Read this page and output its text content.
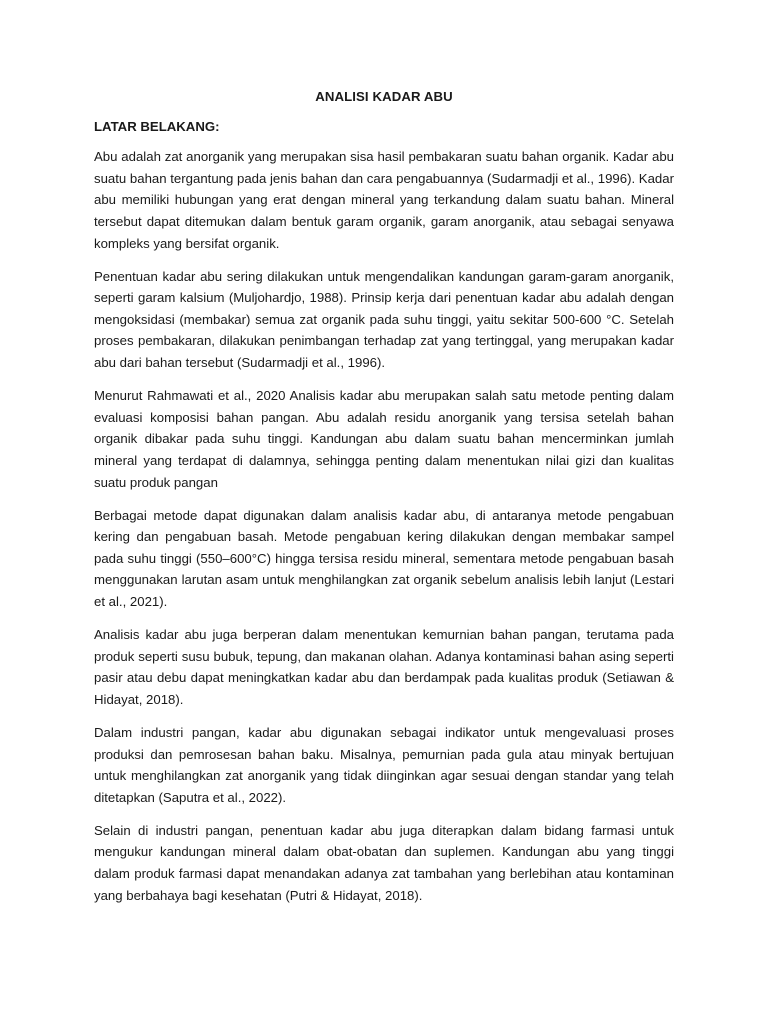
ANALISI KADAR ABU
LATAR BELAKANG:

Abu adalah zat anorganik yang merupakan sisa hasil pembakaran suatu bahan organik. Kadar abu suatu bahan tergantung pada jenis bahan dan cara pengabuannya (Sudarmadji et al., 1996). Kadar abu memiliki hubungan yang erat dengan mineral yang terkandung dalam suatu bahan. Mineral tersebut dapat ditemukan dalam bentuk garam organik, garam anorganik, atau sebagai senyawa kompleks yang bersifat organik.

Penentuan kadar abu sering dilakukan untuk mengendalikan kandungan garam-garam anorganik, seperti garam kalsium (Muljohardjo, 1988). Prinsip kerja dari penentuan kadar abu adalah dengan mengoksidasi (membakar) semua zat organik pada suhu tinggi, yaitu sekitar 500-600 °C. Setelah proses pembakaran, dilakukan penimbangan terhadap zat yang tertinggal, yang merupakan kadar abu dari bahan tersebut (Sudarmadji et al., 1996).

Menurut Rahmawati et al., 2020 Analisis kadar abu merupakan salah satu metode penting dalam evaluasi komposisi bahan pangan. Abu adalah residu anorganik yang tersisa setelah bahan organik dibakar pada suhu tinggi. Kandungan abu dalam suatu bahan mencerminkan jumlah mineral yang terdapat di dalamnya, sehingga penting dalam menentukan nilai gizi dan kualitas suatu produk pangan

Berbagai metode dapat digunakan dalam analisis kadar abu, di antaranya metode pengabuan kering dan pengabuan basah. Metode pengabuan kering dilakukan dengan membakar sampel pada suhu tinggi (550–600°C) hingga tersisa residu mineral, sementara metode pengabuan basah menggunakan larutan asam untuk menghilangkan zat organik sebelum analisis lebih lanjut (Lestari et al., 2021).

Analisis kadar abu juga berperan dalam menentukan kemurnian bahan pangan, terutama pada produk seperti susu bubuk, tepung, dan makanan olahan. Adanya kontaminasi bahan asing seperti pasir atau debu dapat meningkatkan kadar abu dan berdampak pada kualitas produk (Setiawan & Hidayat, 2018).

Dalam industri pangan, kadar abu digunakan sebagai indikator untuk mengevaluasi proses produksi dan pemrosesan bahan baku. Misalnya, pemurnian pada gula atau minyak bertujuan untuk menghilangkan zat anorganik yang tidak diinginkan agar sesuai dengan standar yang telah ditetapkan (Saputra et al., 2022).

Selain di industri pangan, penentuan kadar abu juga diterapkan dalam bidang farmasi untuk mengukur kandungan mineral dalam obat-obatan dan suplemen. Kandungan abu yang tinggi dalam produk farmasi dapat menandakan adanya zat tambahan yang berlebihan atau kontaminan yang berbahaya bagi kesehatan (Putri & Hidayat, 2018).
